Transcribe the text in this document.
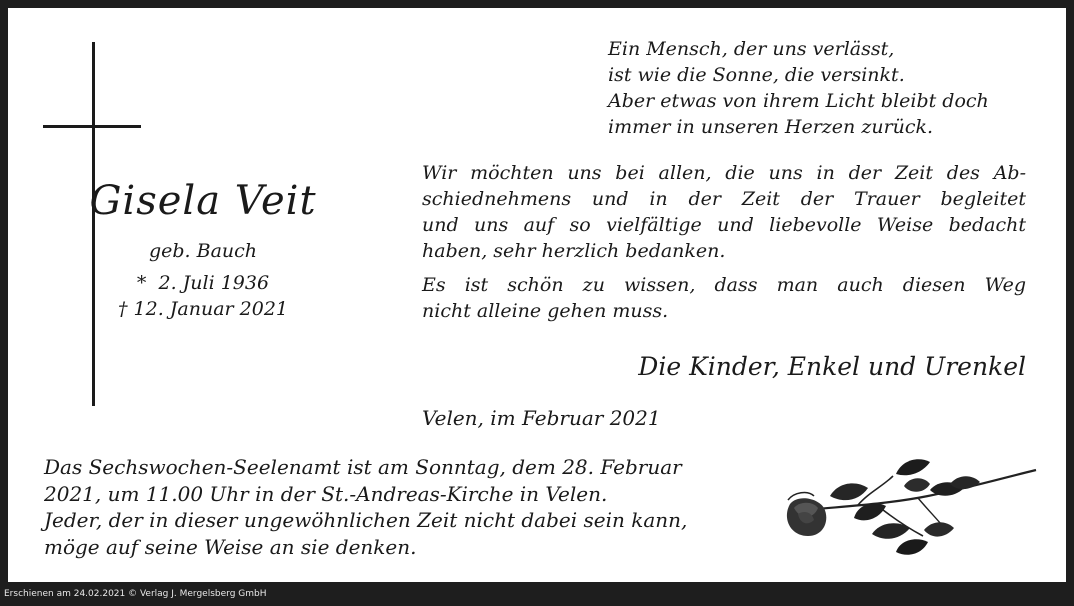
Gisela Veit
geb. Bauch
*  2. Juli 1936
† 12. Januar 2021
Ein Mensch, der uns verlässt,
ist wie die Sonne, die versinkt.
Aber etwas von ihrem Licht bleibt doch
immer in unseren Herzen zurück.

Wir möchten uns bei allen, die uns in der Zeit des Ab-
schiednehmens und in der Zeit der Trauer begleitet
und uns auf so vielfältige und liebevolle Weise bedacht
haben, sehr herzlich bedanken.

Es ist schön zu wissen, dass man auch diesen Weg
nicht alleine gehen muss.

Die Kinder, Enkel und Urenkel
Velen, im Februar 2021
Das Sechswochen-Seelenamt ist am Sonntag, dem 28. Februar
2021, um 11.00 Uhr in der St.-Andreas-Kirche in Velen.
Jeder, der in dieser ungewöhnlichen Zeit nicht dabei sein kann,
möge auf seine Weise an sie denken.
Erschienen am 24.02.2021 © Verlag J. Mergelsberg GmbH
